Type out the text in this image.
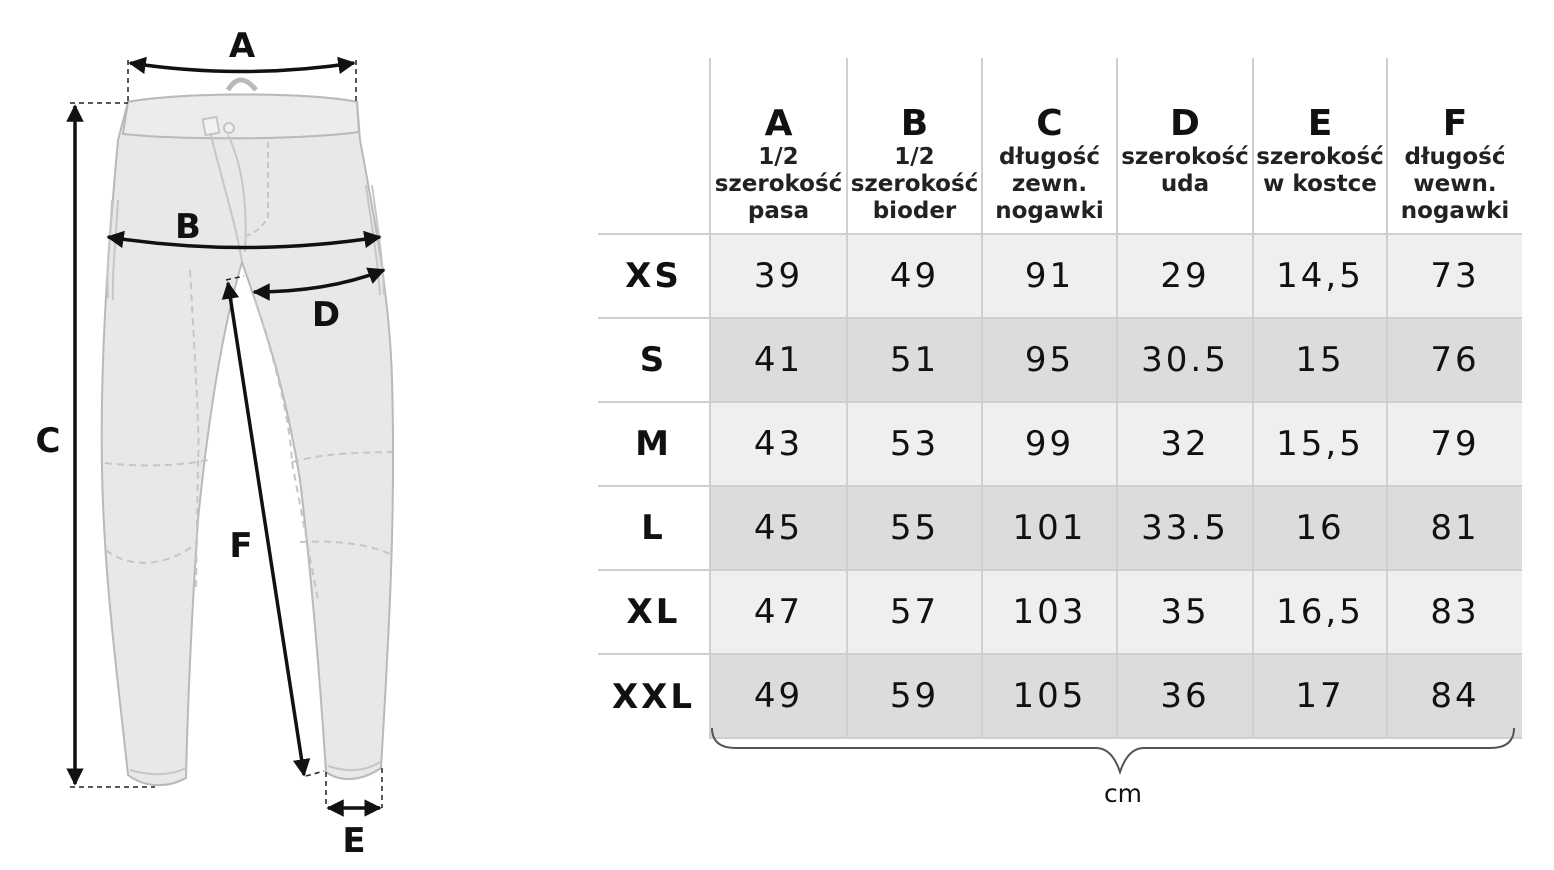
A
B
C
D
E
F

	A
1/2
szerokość
pasa	B
1/2
szerokość
bioder	C
długość
zewn.
nogawki	D
szerokość
uda	E
szerokość
w kostce	F
długość
wewn.
nogawki

XS	39	49	91	29	14,5	73
S	41	51	95	30.5	15	76
M	43	53	99	32	15,5	79
L	45	55	101	33.5	16	81
XL	47	57	103	35	16,5	83
XXL	49	59	105	36	17	84
cm
